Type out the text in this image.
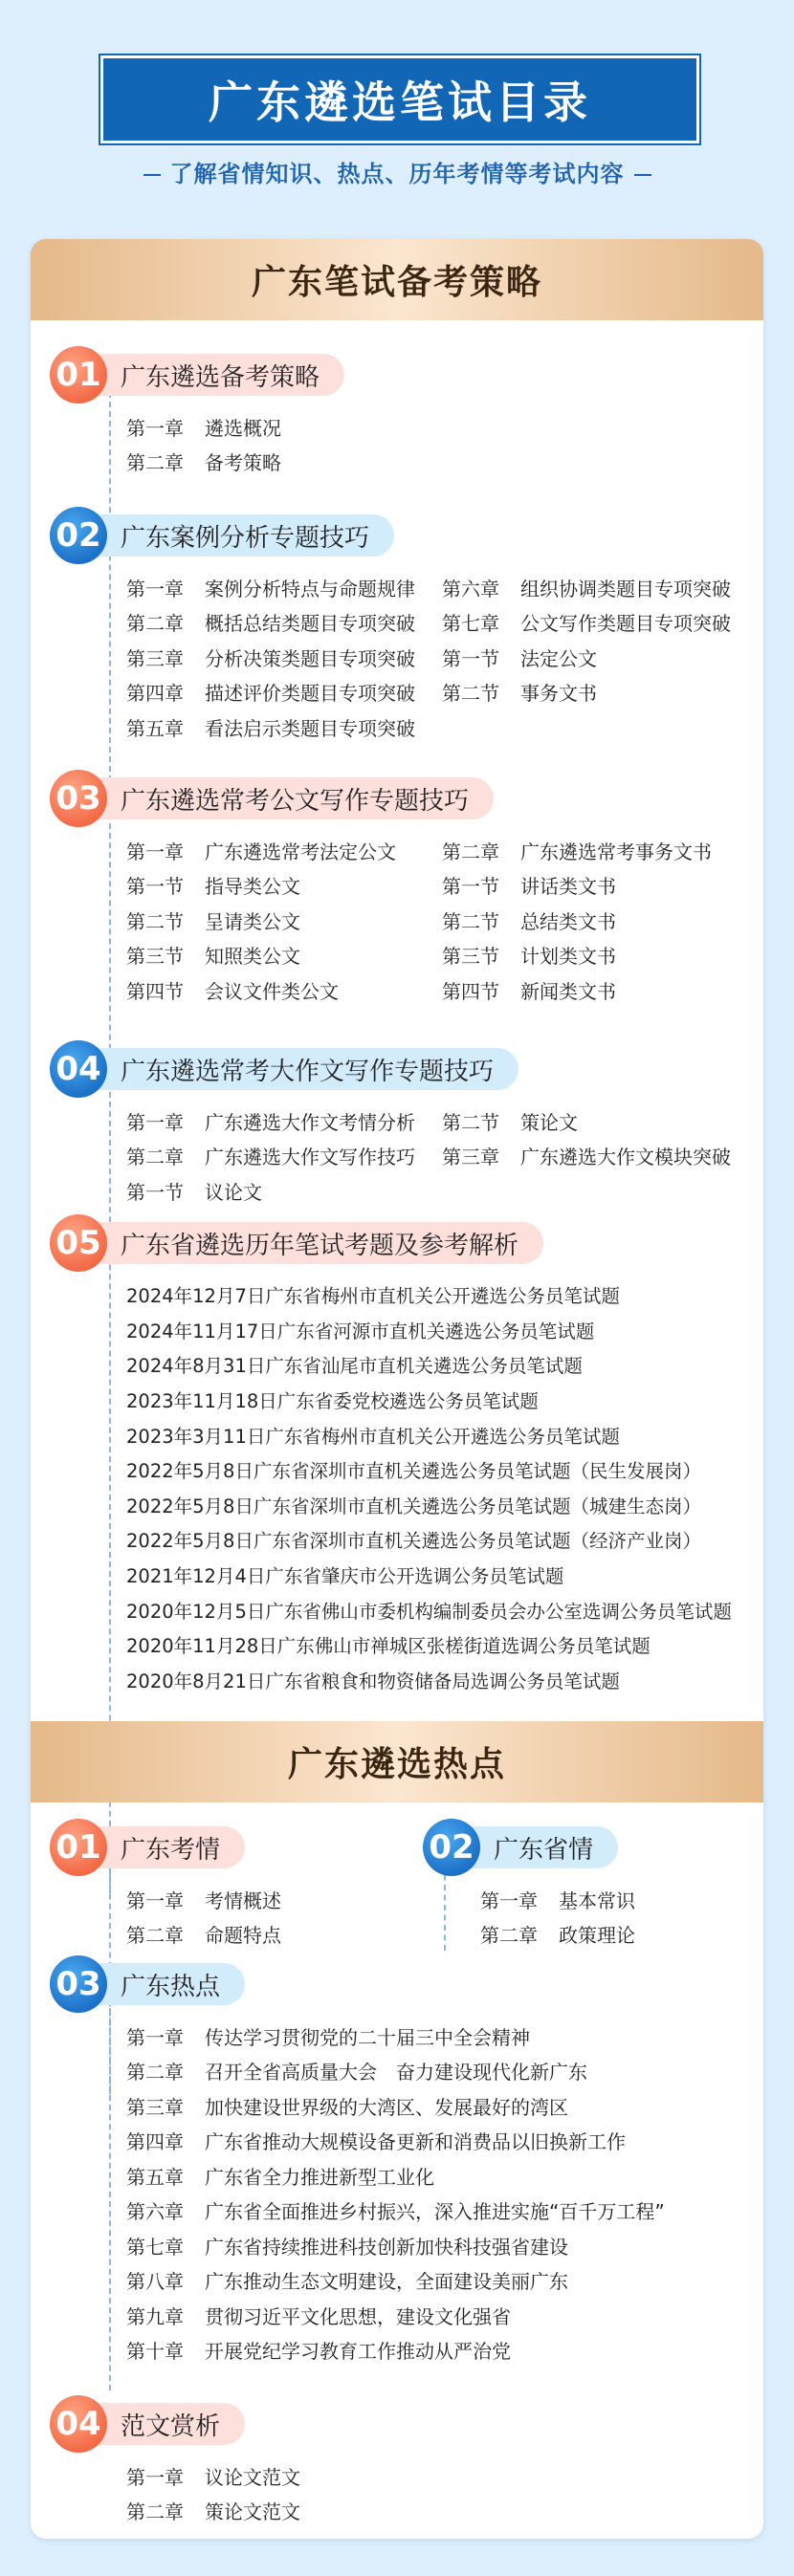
广东遴选笔试目录
了解省情知识、热点、历年考情等考试内容
广东笔试备考策略
广东遴选备考策略
01
第一章	遴选概况
第二章	备考策略
广东案例分析专题技巧
02
第一章	案例分析特点与命题规律 第六章	组织协调类题目专项突破
第二章	概括总结类题目专项突破 第七章	公文写作类题目专项突破
第三章	分析决策类题目专项突破 第一节	法定公文
第四章	描述评价类题目专项突破 第二节	事务文书
第五章	看法启示类题目专项突破
广东遴选常考公文写作专题技巧
03
第一章	广东遴选常考法定公文 第二章	广东遴选常考事务文书
第一节	指导类公文	第一节	讲话类文书
第二节	呈请类公文	第二节	总结类文书
第三节	知照类公文	第三节	计划类文书
第四节	会议文件类公文	第四节	新闻类文书
广东遴选常考大作文写作专题技巧
04
第一章	广东遴选大作文考情分析 第二节	策论文
第二章	广东遴选大作文写作技巧 第三章	广东遴选大作文模块突破
第一节	议论文
广东省遴选历年笔试考题及参考解析
05
2024年12月7日广东省梅州市直机关公开遴选公务员笔试题
2024年11月17日广东省河源市直机关遴选公务员笔试题
2024年8月31日广东省汕尾市直机关遴选公务员笔试题
2023年11月18日广东省委党校遴选公务员笔试题
2023年3月11日广东省梅州市直机关公开遴选公务员笔试题
2022年5月8日广东省深圳市直机关遴选公务员笔试题（民生发展岗）
2022年5月8日广东省深圳市直机关遴选公务员笔试题（城建生态岗）
2022年5月8日广东省深圳市直机关遴选公务员笔试题（经济产业岗）
2021年12月4日广东省肇庆市公开选调公务员笔试题
2020年12月5日广东省佛山市委机构编制委员会办公室选调公务员笔试题
2020年11月28日广东佛山市禅城区张槎街道选调公务员笔试题
2020年8月21日广东省粮食和物资储备局选调公务员笔试题
广东遴选热点
广东考情
01
第一章	考情概述
第二章	命题特点
广东省情
02
第一章	基本常识
第二章	政策理论
广东热点
03
第一章	传达学习贯彻党的二十届三中全会精神
第二章	召开全省高质量大会　奋力建设现代化新广东
第三章	加快建设世界级的大湾区、发展最好的湾区
第四章	广东省推动大规模设备更新和消费品以旧换新工作
第五章	广东省全力推进新型工业化
第六章	广东省全面推进乡村振兴，深入推进实施“百千万工程”
第七章	广东省持续推进科技创新加快科技强省建设
第八章	广东推动生态文明建设，全面建设美丽广东
第九章	贯彻习近平文化思想，建设文化强省
第十章	开展党纪学习教育工作推动从严治党
范文赏析
04
第一章	议论文范文
第二章	策论文范文
